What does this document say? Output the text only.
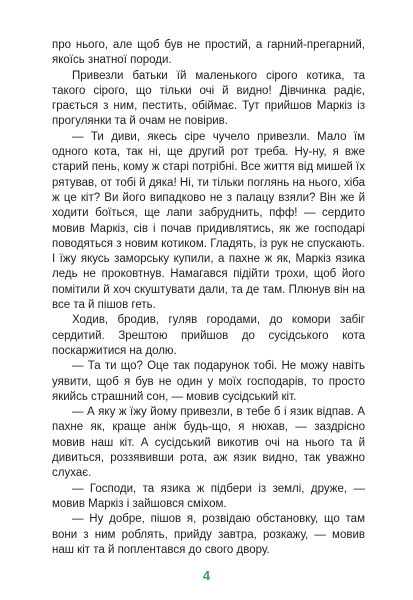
про нього, але щоб був не простий, а гарний-прегарний, якоїсь знатної породи.

Привезли батьки їй маленького сірого котика, та такого сірого, що тільки очі й видно! Дівчинка радіє, грається з ним, пестить, обіймає. Тут прийшов Маркіз із прогулянки та й очам не повірив.

— Ти диви, якесь сіре чучело привезли. Мало їм одного кота, так ні, ще другий рот треба. Ну-ну, я вже старий пень, кому ж старі потрібні. Все життя від мишей їх рятував, от тобі й дяка! Ні, ти тільки поглянь на нього, хіба ж це кіт? Ви його випадково не з палацу взяли? Він же й ходити боїться, ще лапи забруднить, пфф! — сердито мовив Маркіз, сів і почав придивлятись, як же господарі поводяться з новим котиком. Гладять, із рук не спускають. І їжу якусь заморську купили, а пахне ж як, Маркіз язика ледь не проковтнув. Намагався підійти трохи, щоб його помітили й хоч скуштувати дали, та де там. Плюнув він на все та й пішов геть.

Ходив, бродив, гуляв городами, до комори забіг сердитий. Зрештою прийшов до сусідського кота поскаржитися на долю.

— Та ти що? Оце так подарунок тобі. Не можу навіть уявити, щоб я був не один у моїх господарів, то просто якийсь страшний сон, — мовив сусідський кіт.

— А яку ж їжу йому привезли, в тебе б і язик відпав. А пахне як, краще аніж будь-що, я нюхав, — заздрісно мовив наш кіт. А сусідський викотив очі на нього та й дивиться, роззявивши рота, аж язик видно, так уважно слухає.

— Господи, та язика ж підбери із землі, друже, — мовив Маркіз і зайшовся сміхом.

— Ну добре, пішов я, розвідаю обстановку, що там вони з ним роблять, прийду завтра, розкажу, — мовив наш кіт та й поплентався до свого двору.

4
